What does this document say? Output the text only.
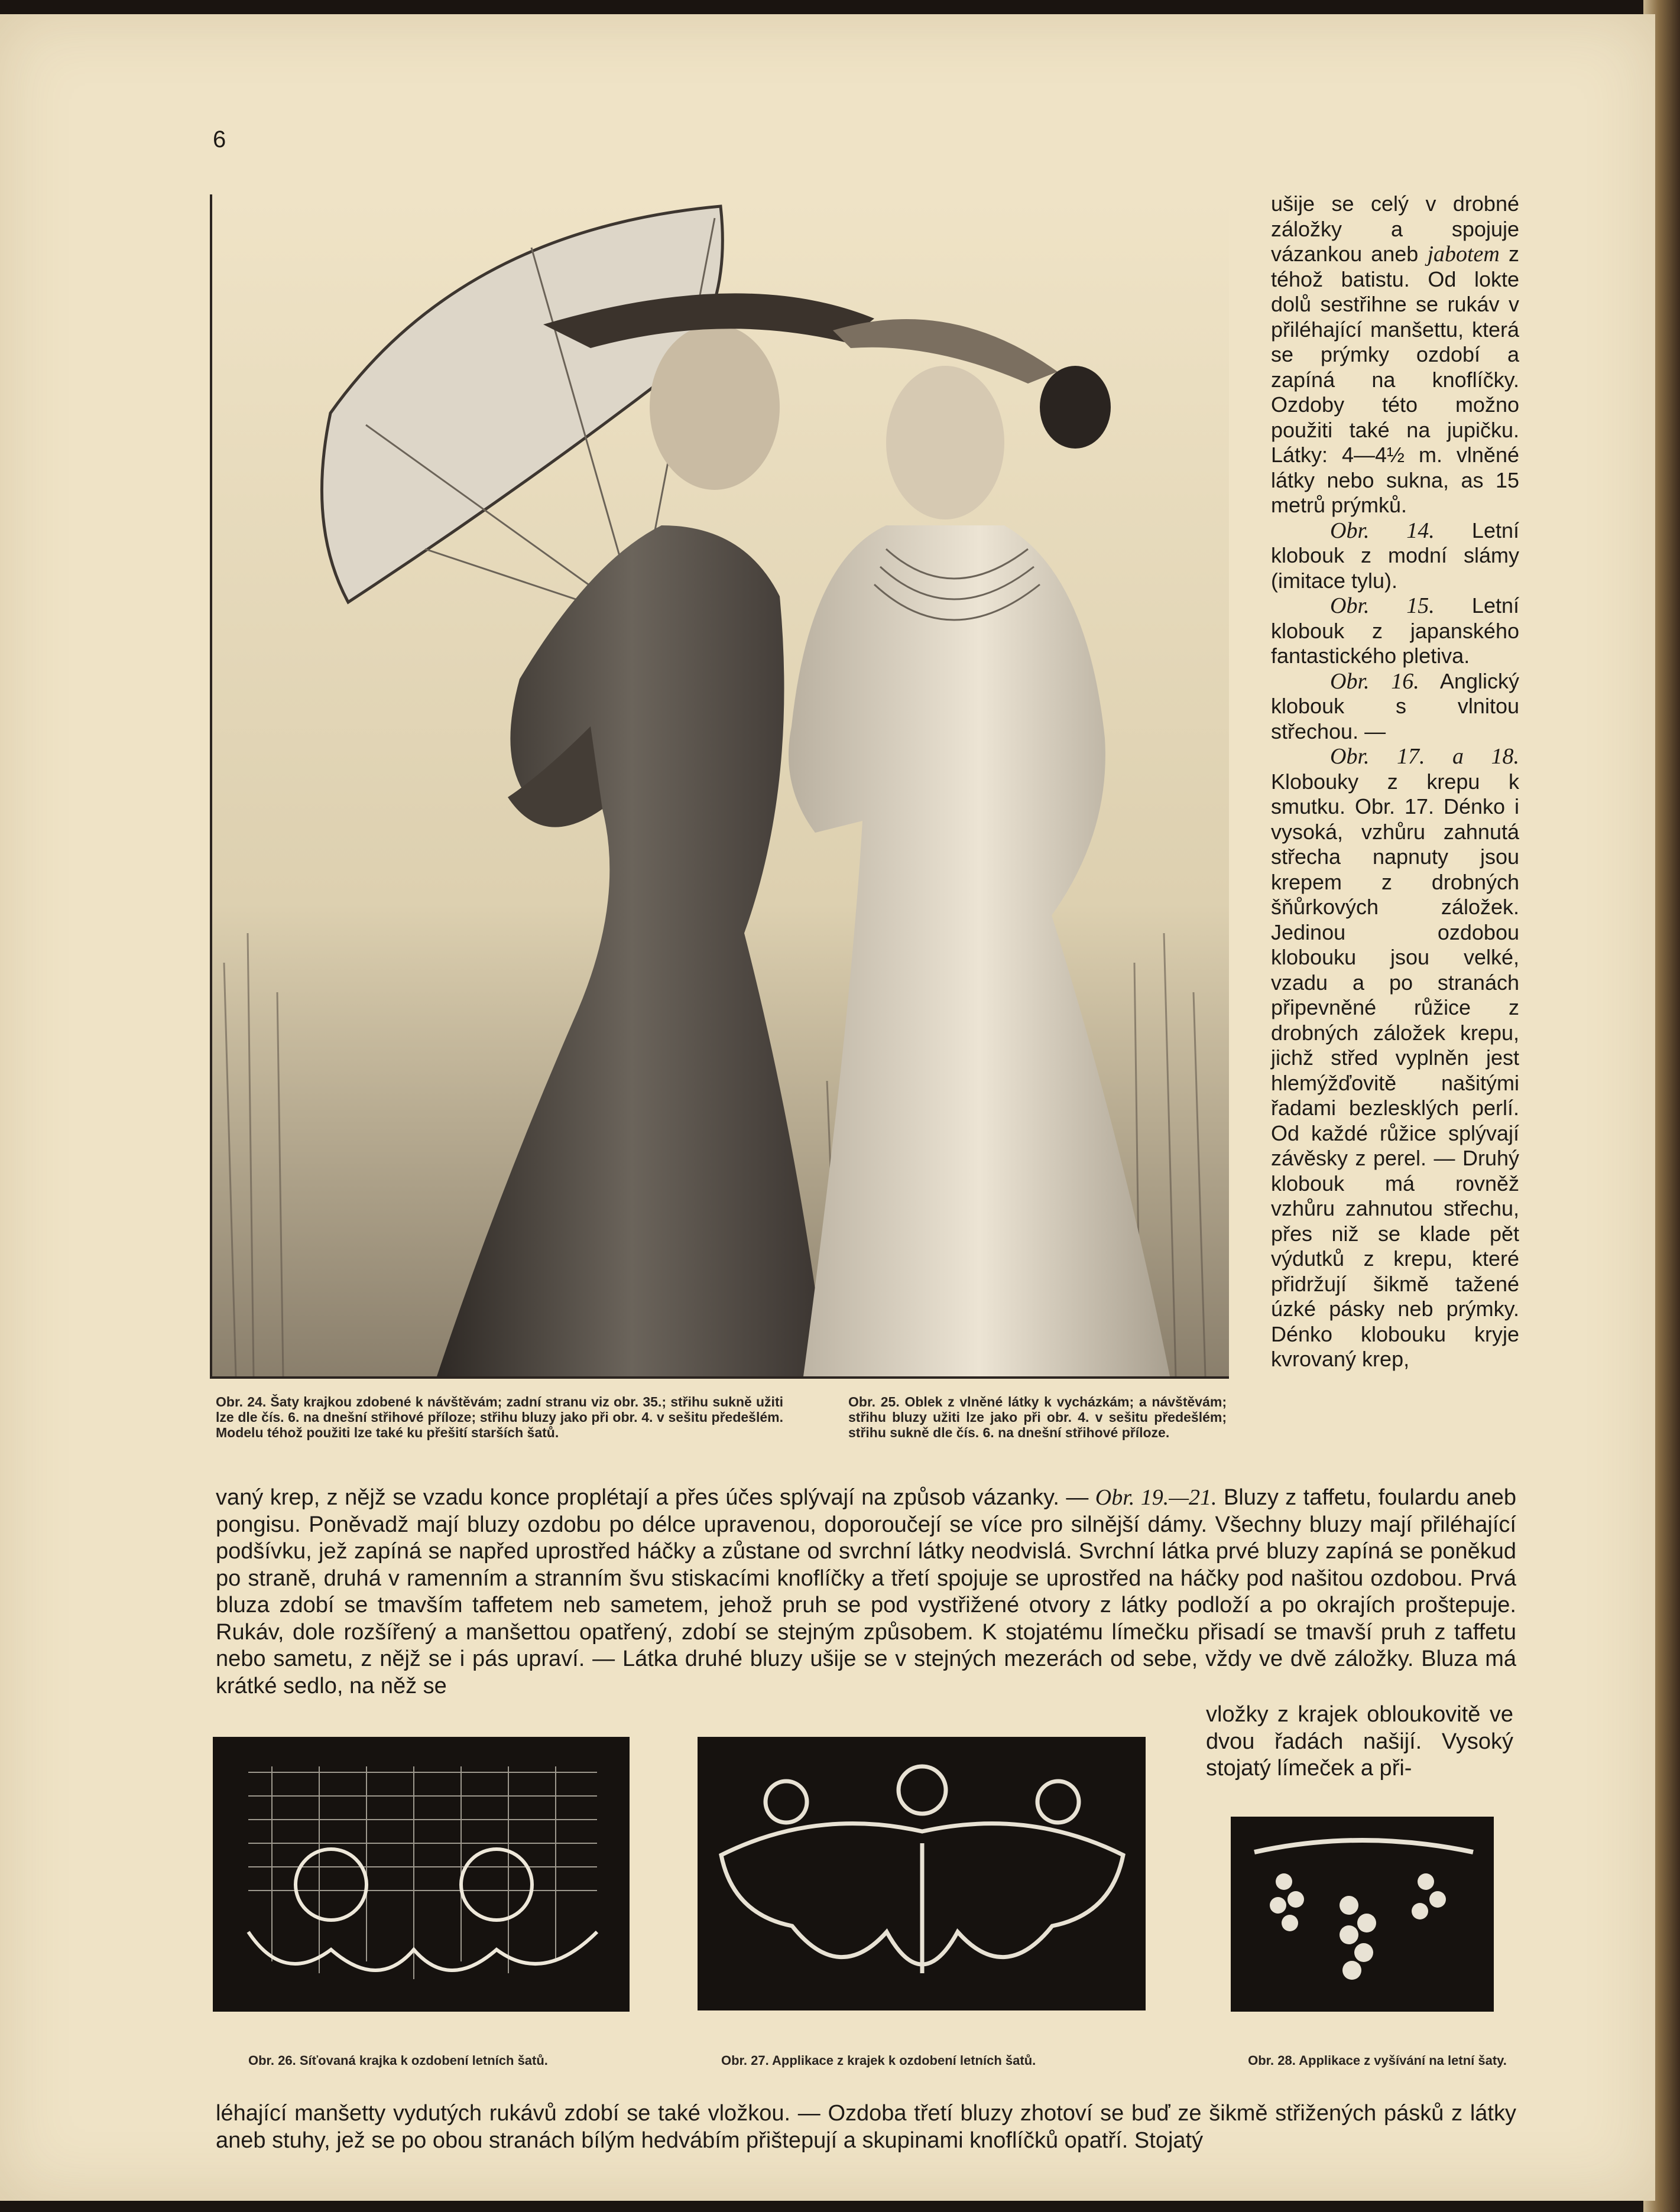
6

ušije se celý v drobné záložky a spojuje vázankou aneb jabotem z téhož batistu. Od lokte dolů sestřihne se rukáv v přiléhající manšettu, která se prýmky ozdobí a zapíná na knoflíčky. Ozdoby této možno použiti také na jupičku. Látky: 4—4½ m. vlněné látky nebo sukna, as 15 metrů prýmků.

Obr. 14. Letní klobouk z modní slámy (imitace tylu).

Obr. 15. Letní klobouk z japanského fantastického pletiva.

Obr. 16. Anglický klobouk s vlnitou střechou. —

Obr. 17. a 18. Klobouky z krepu k smutku. Obr. 17. Dénko i vysoká, vzhůru zahnutá střecha napnuty jsou krepem z drobných šňůrkových záložek. Jedinou ozdobou klobouku jsou velké, vzadu a po stranách připevněné růžice z drobných záložek krepu, jichž střed vyplněn jest hlemýžďovitě našitými řadami bezlesklých perlí. Od každé růžice splývají závěsky z perel. — Druhý klobouk má rovněž vzhůru zahnutou střechu, přes niž se klade pět výdutků z krepu, které přidržují šikmě tažené úzké pásky neb prýmky. Dénko klobouku kryje kvrovaný krep,

Obr. 24. Šaty krajkou zdobené k návštěvám; zadní stranu viz obr. 35.; střihu sukně užiti lze dle čís. 6. na dnešní střihové příloze; střihu bluzy jako při obr. 4. v sešitu předešlém. Modelu téhož použiti lze také ku přešití starších šatů.
Obr. 25. Oblek z vlněné látky k vycházkám; a návštěvám; střihu bluzy užiti lze jako při obr. 4. v sešitu předešlém; střihu sukně dle čís. 6. na dnešní střihové příloze.

vaný krep, z nějž se vzadu konce proplétají a přes účes splývají na způsob vázanky. — Obr. 19.—21. Bluzy z taffetu, foulardu aneb pongisu. Poněvadž mají bluzy ozdobu po délce upravenou, doporoučejí se více pro silnější dámy. Všechny bluzy mají přiléhající podšívku, jež zapíná se napřed uprostřed háčky a zůstane od svrchní látky neodvislá. Svrchní látka prvé bluzy zapíná se poněkud po straně, druhá v ramenním a stranním švu stiskacími knoflíčky a třetí spojuje se uprostřed na háčky pod našitou ozdobou. Prvá bluza zdobí se tmavším taffetem neb sametem, jehož pruh se pod vystřižené otvory z látky podloží a po okrajích proštepuje. Rukáv, dole rozšířený a manšettou opatřený, zdobí se stejným způsobem. K stojatému límečku přisadí se tmavší pruh z taffetu nebo sametu, z nějž se i pás upraví. — Látka druhé bluzy ušije se v stejných mezerách od sebe, vždy ve dvě záložky. Bluza má krátké sedlo, na něž se

vložky z krajek obloukovitě ve dvou řadách našijí. Vysoký stojatý límeček a při-

Obr. 26. Síťovaná krajka k ozdobení letních šatů.	Obr. 27. Applikace z krajek k ozdobení letních šatů.	Obr. 28. Applikace z vyšívání na letní šaty.

léhající manšetty vydutých rukávů zdobí se také vložkou. — Ozdoba třetí bluzy zhotoví se buď ze šikmě střižených pásků z látky aneb stuhy, jež se po obou stranách bílým hedvábím přištepují a skupinami knoflíčků opatří. Stojatý
